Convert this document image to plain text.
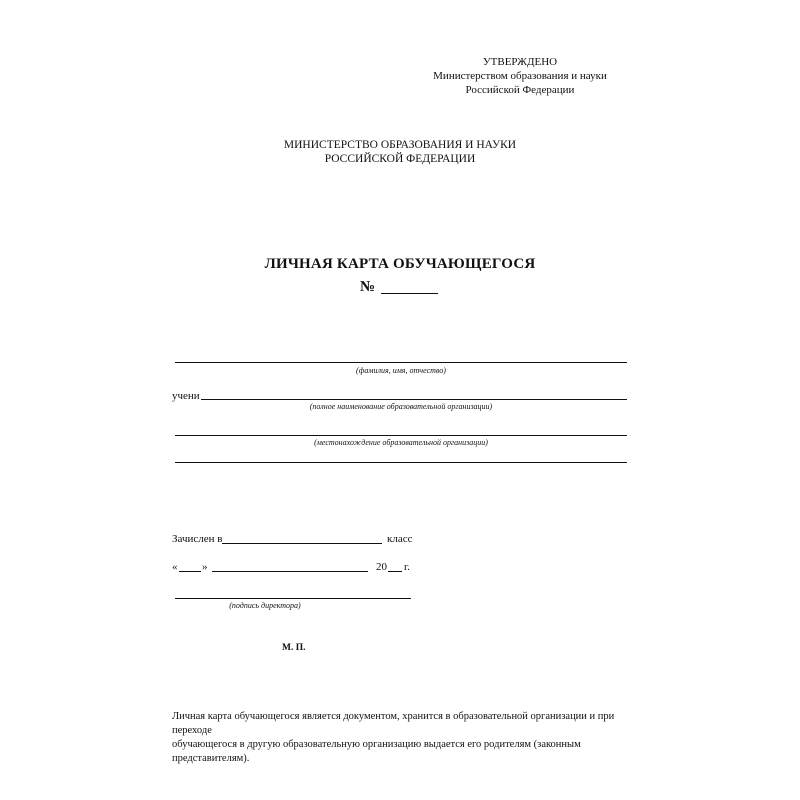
УТВЕРЖДЕНО
Министерством образования и науки
Российской Федерации
МИНИСТЕРСТВО ОБРАЗОВАНИЯ И НАУКИ
РОССИЙСКОЙ ФЕДЕРАЦИИ
ЛИЧНАЯ КАРТА ОБУЧАЮЩЕГОСЯ
№
(фамилия, имя, отчество)
учени
(полное наименование образовательной организации)
(местонахождение образовательной организации)
Зачислен в	класс
« »	20 г.
(подпись директора)
М. П.
Личная карта обучающегося является документом, хранится в образовательной организации и при переходе
обучающегося в другую образовательную организацию выдается его родителям (законным представителям).
